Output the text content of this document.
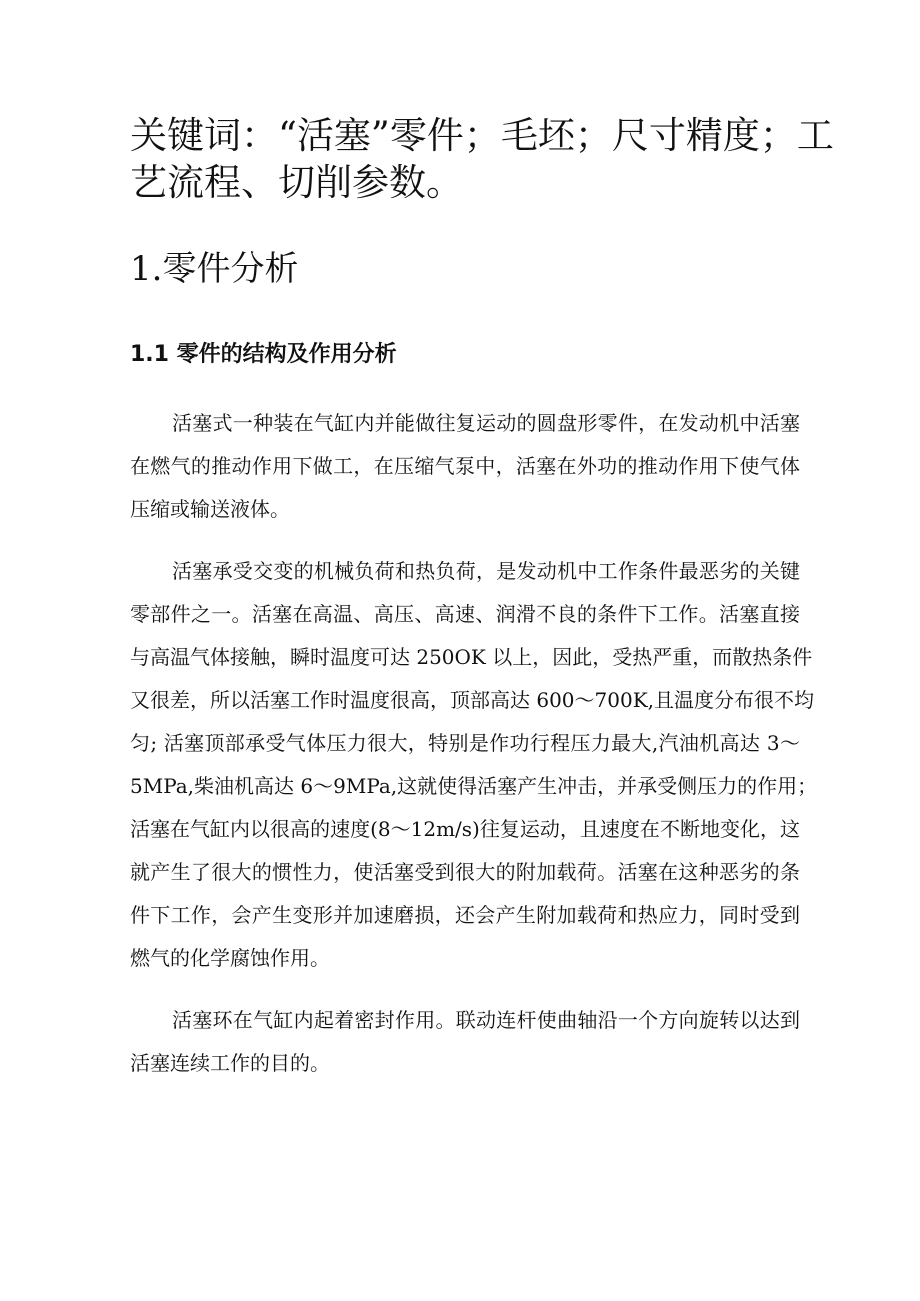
关键词：“活塞”零件；毛坯；尺寸精度；工
艺流程、切削参数。
1.零件分析
1.1 零件的结构及作用分析
活塞式一种装在气缸内并能做往复运动的圆盘形零件，在发动机中活塞
在燃气的推动作用下做工，在压缩气泵中，活塞在外功的推动作用下使气体
压缩或输送液体。
活塞承受交变的机械负荷和热负荷，是发动机中工作条件最恶劣的关键
零部件之一。活塞在高温、高压、高速、润滑不良的条件下工作。活塞直接
与高温气体接触，瞬时温度可达 250OK 以上，因此，受热严重，而散热条件
又很差，所以活塞工作时温度很高，顶部高达 600～700K,且温度分布很不均
匀; 活塞顶部承受气体压力很大，特别是作功行程压力最大,汽油机高达 3～
5MPa,柴油机高达 6～9MPa,这就使得活塞产生冲击，并承受侧压力的作用；
活塞在气缸内以很高的速度(8～12m/s)往复运动，且速度在不断地变化，这
就产生了很大的惯性力，使活塞受到很大的附加载荷。活塞在这种恶劣的条
件下工作，会产生变形并加速磨损，还会产生附加载荷和热应力，同时受到
燃气的化学腐蚀作用。
活塞环在气缸内起着密封作用。联动连杆使曲轴沿一个方向旋转以达到
活塞连续工作的目的。
